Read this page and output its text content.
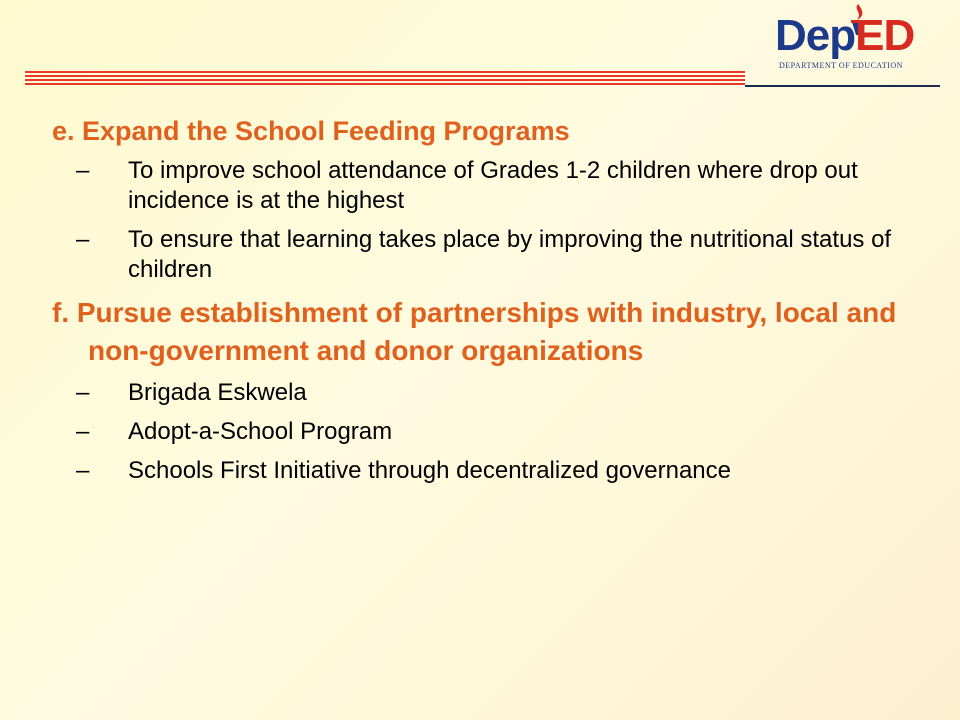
DepED
DEPARTMENT OF EDUCATION
e. Expand the School Feeding Programs
–	To improve school attendance of Grades 1-2 children where drop out incidence is at the highest
–	To ensure that learning takes place by improving the nutritional status of children
f. Pursue establishment of partnerships with industry, local and non-government and donor organizations
–	Brigada Eskwela
–	Adopt-a-School Program
–	Schools First Initiative through decentralized governance
